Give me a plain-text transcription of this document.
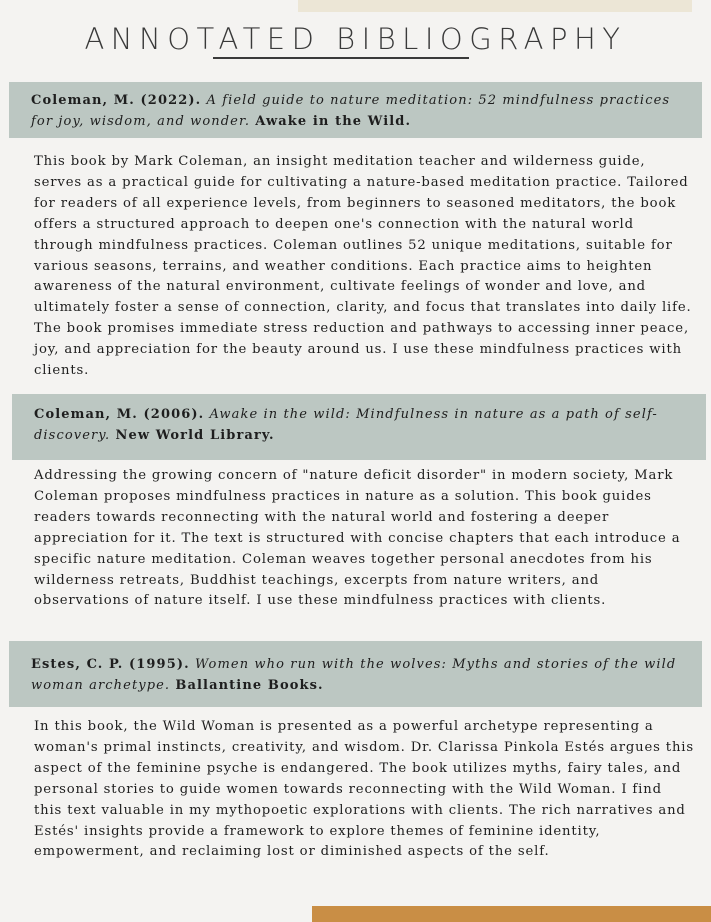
ANNOTATED BIBLIOGRAPHY
Coleman, M. (2022). A field guide to nature meditation: 52 mindfulness practices for joy, wisdom, and wonder. Awake in the Wild.

This book by Mark Coleman, an insight meditation teacher and wilderness guide, serves as a practical guide for cultivating a nature-based meditation practice. Tailored for readers of all experience levels, from beginners to seasoned meditators, the book offers a structured approach to deepen one's connection with the natural world through mindfulness practices. Coleman outlines 52 unique meditations, suitable for various seasons, terrains, and weather conditions. Each practice aims to heighten awareness of the natural environment, cultivate feelings of wonder and love, and ultimately foster a sense of connection, clarity, and focus that translates into daily life. The book promises immediate stress reduction and pathways to accessing inner peace, joy, and appreciation for the beauty around us. I use these mindfulness practices with clients.

Coleman, M. (2006). Awake in the wild: Mindfulness in nature as a path of self-discovery. New World Library.

Addressing the growing concern of "nature deficit disorder" in modern society, Mark Coleman proposes mindfulness practices in nature as a solution. This book guides readers towards reconnecting with the natural world and fostering a deeper appreciation for it. The text is structured with concise chapters that each introduce a specific nature meditation. Coleman weaves together personal anecdotes from his wilderness retreats, Buddhist teachings, excerpts from nature writers, and observations of nature itself. I use these mindfulness practices with clients.

Estes, C. P. (1995). Women who run with the wolves: Myths and stories of the wild woman archetype. Ballantine Books.

In this book, the Wild Woman is presented as a powerful archetype representing a woman's primal instincts, creativity, and wisdom. Dr. Clarissa Pinkola Estés argues this aspect of the feminine psyche is endangered. The book utilizes myths, fairy tales, and personal stories to guide women towards reconnecting with the Wild Woman. I find this text valuable in my mythopoetic explorations with clients. The rich narratives and Estés' insights provide a framework to explore themes of feminine identity, empowerment, and reclaiming lost or diminished aspects of the self.
